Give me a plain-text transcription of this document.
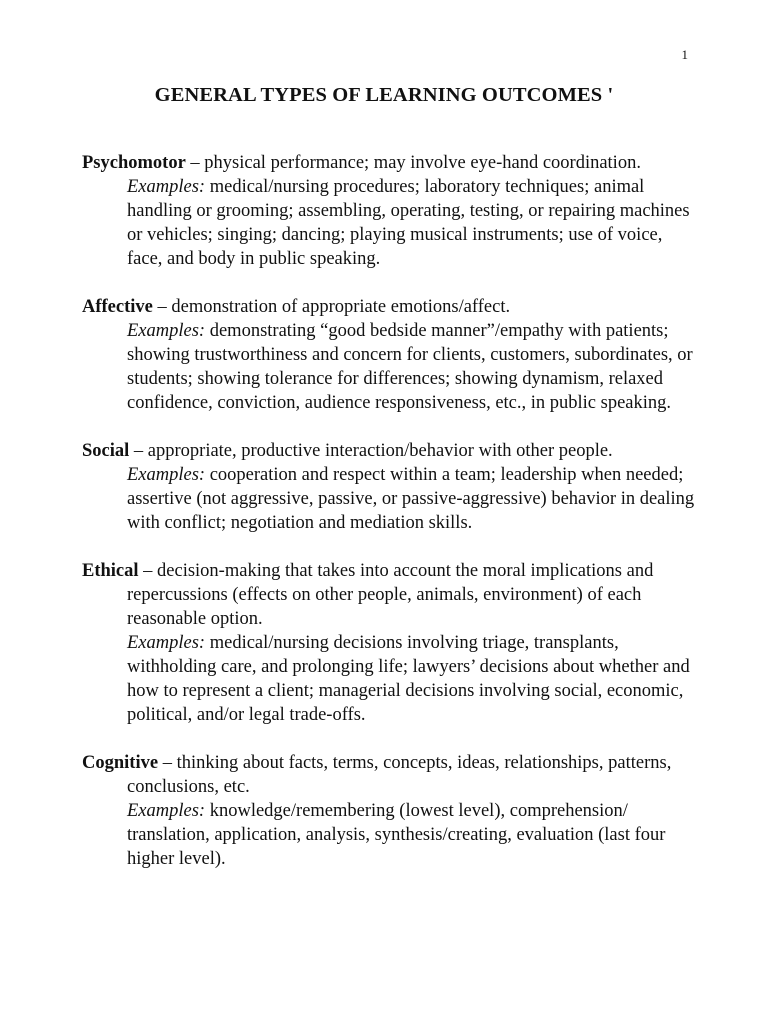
1
GENERAL TYPES OF LEARNING OUTCOMES '

Psychomotor – physical performance; may involve eye-hand coordination.

Examples: medical/nursing procedures; laboratory techniques; animal handling or grooming; assembling, operating, testing, or repairing machines or vehicles; singing; dancing; playing musical instruments; use of voice, face, and body in public speaking.

Affective – demonstration of appropriate emotions/affect.

Examples: demonstrating “good bedside manner”/empathy with patients; showing trustworthiness and concern for clients, customers, subordinates, or students; showing tolerance for differences; showing dynamism, relaxed confidence, conviction, audience responsiveness, etc., in public speaking.

Social – appropriate, productive interaction/behavior with other people.

Examples: cooperation and respect within a team; leadership when needed; assertive (not aggressive, passive, or passive-aggressive) behavior in dealing with conflict; negotiation and mediation skills.

Ethical – decision-making that takes into account the moral implications and repercussions (effects on other people, animals, environment) of each reasonable option.

Examples: medical/nursing decisions involving triage, transplants, withholding care, and prolonging life; lawyers’ decisions about whether and how to represent a client; managerial decisions involving social, economic, political, and/or legal trade-offs.

Cognitive – thinking about facts, terms, concepts, ideas, relationships, patterns, conclusions, etc.

Examples: knowledge/remembering (lowest level), comprehension/ translation, application, analysis, synthesis/creating, evaluation (last four higher level).
